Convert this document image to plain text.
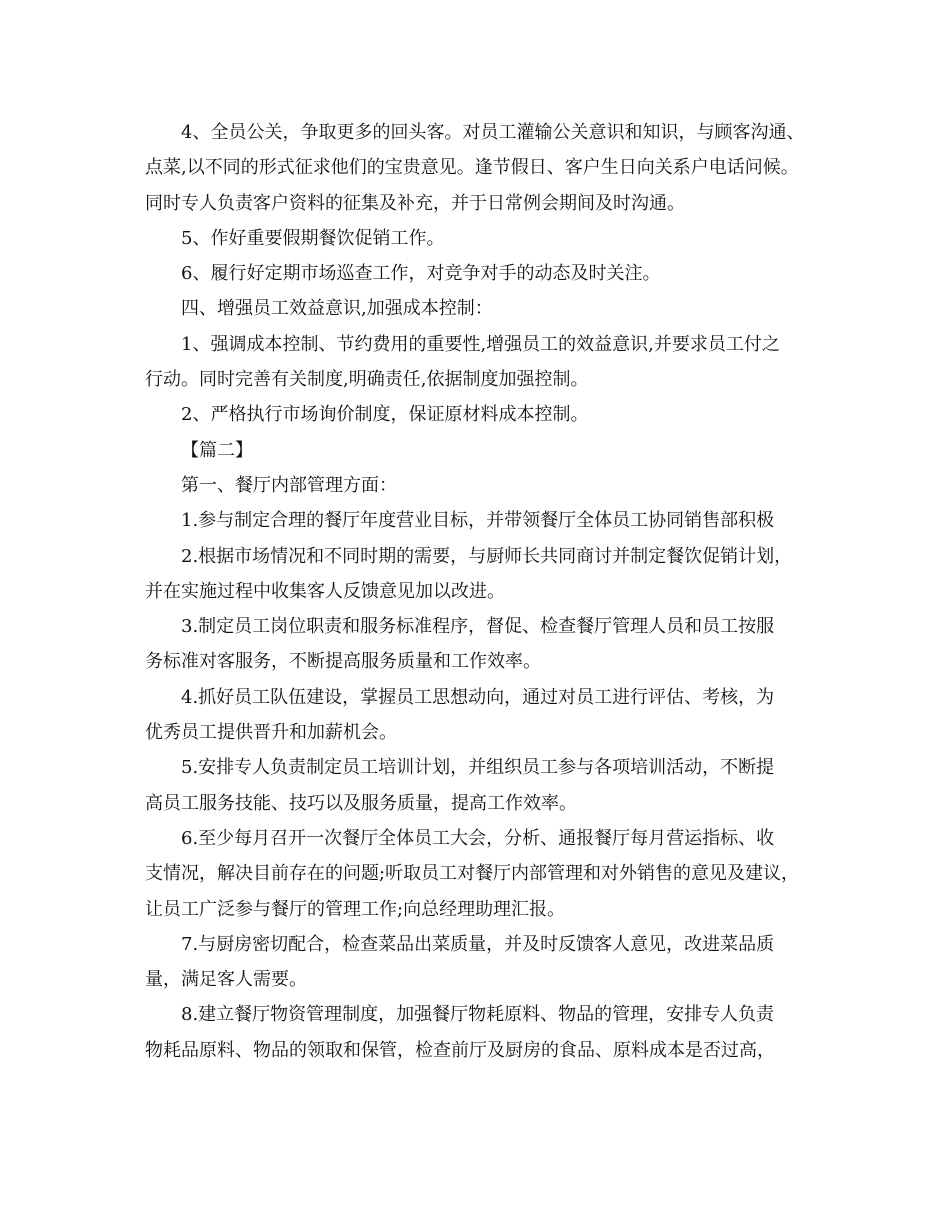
4、全员公关，争取更多的回头客。对员工灌输公关意识和知识，与顾客沟通、
点菜,以不同的形式征求他们的宝贵意见。逢节假日、客户生日向关系户电话问候。
同时专人负责客户资料的征集及补充，并于日常例会期间及时沟通。
5、作好重要假期餐饮促销工作。
6、履行好定期市场巡查工作，对竞争对手的动态及时关注。
四、增强员工效益意识,加强成本控制：
1、强调成本控制、节约费用的重要性,增强员工的效益意识,并要求员工付之
行动。同时完善有关制度,明确责任,依据制度加强控制。
2、严格执行市场询价制度，保证原材料成本控制。
【篇二】
第一、餐厅内部管理方面：
1.参与制定合理的餐厅年度营业目标，并带领餐厅全体员工协同销售部积极
2.根据市场情况和不同时期的需要，与厨师长共同商讨并制定餐饮促销计划，
并在实施过程中收集客人反馈意见加以改进。
3.制定员工岗位职责和服务标准程序，督促、检查餐厅管理人员和员工按服
务标准对客服务，不断提高服务质量和工作效率。
4.抓好员工队伍建设，掌握员工思想动向，通过对员工进行评估、考核，为
优秀员工提供晋升和加薪机会。
5.安排专人负责制定员工培训计划，并组织员工参与各项培训活动，不断提
高员工服务技能、技巧以及服务质量，提高工作效率。
6.至少每月召开一次餐厅全体员工大会，分析、通报餐厅每月营运指标、收
支情况，解决目前存在的问题;听取员工对餐厅内部管理和对外销售的意见及建议，
让员工广泛参与餐厅的管理工作;向总经理助理汇报。
7.与厨房密切配合，检查菜品出菜质量，并及时反馈客人意见，改进菜品质
量，满足客人需要。
8.建立餐厅物资管理制度，加强餐厅物耗原料、物品的管理，安排专人负责
物耗品原料、物品的领取和保管，检查前厅及厨房的食品、原料成本是否过高，
